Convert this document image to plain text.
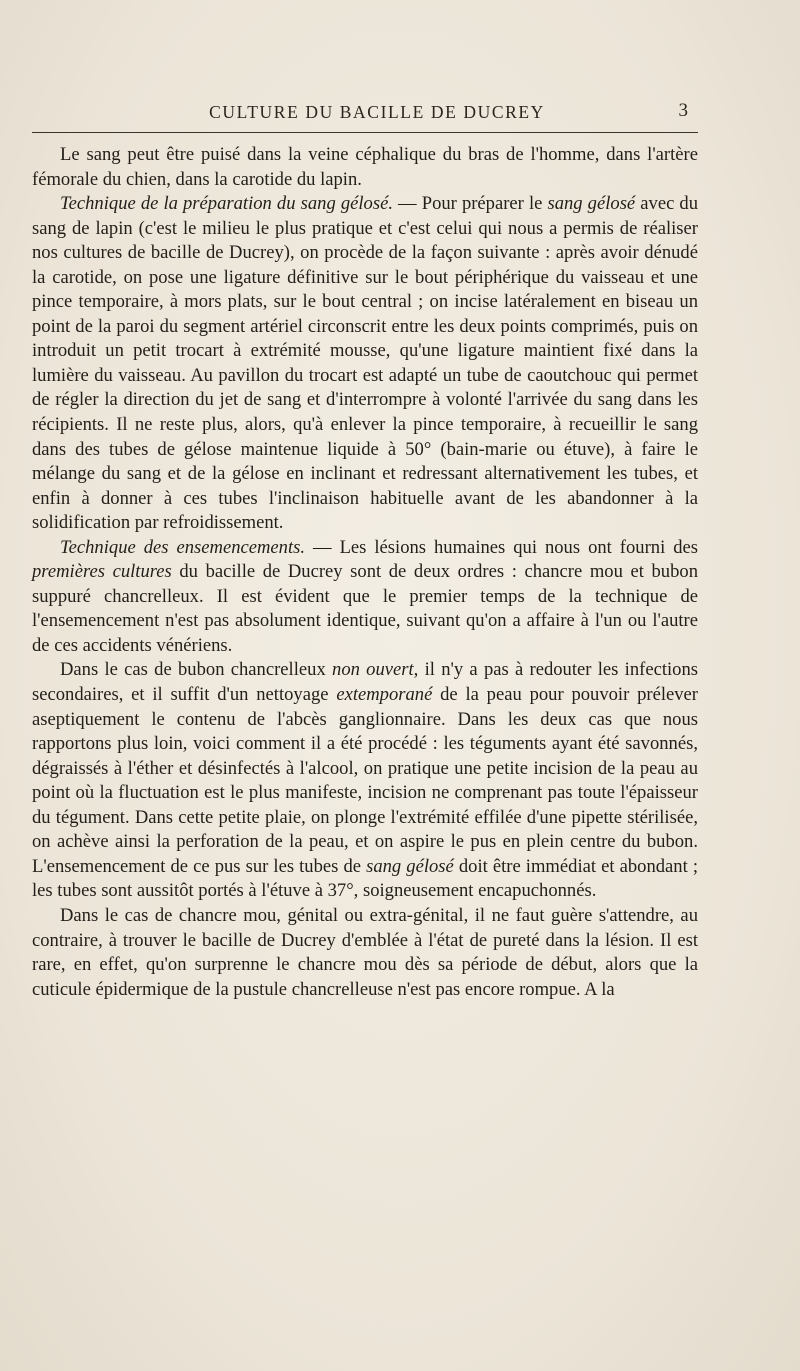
CULTURE DU BACILLE DE DUCREY	3

Le sang peut être puisé dans la veine céphalique du bras de l'homme, dans l'artère fémorale du chien, dans la carotide du lapin.

Technique de la préparation du sang gélosé. — Pour préparer le sang gélosé avec du sang de lapin (c'est le milieu le plus pratique et c'est celui qui nous a permis de réaliser nos cultures de bacille de Ducrey), on procède de la façon suivante : après avoir dénudé la carotide, on pose une ligature définitive sur le bout périphérique du vaisseau et une pince temporaire, à mors plats, sur le bout central ; on incise latéralement en biseau un point de la paroi du segment artériel circonscrit entre les deux points comprimés, puis on introduit un petit trocart à extrémité mousse, qu'une ligature maintient fixé dans la lumière du vaisseau. Au pavillon du trocart est adapté un tube de caoutchouc qui permet de régler la direction du jet de sang et d'interrompre à volonté l'arrivée du sang dans les récipients. Il ne reste plus, alors, qu'à enlever la pince temporaire, à recueillir le sang dans des tubes de gélose maintenue liquide à 50° (bain-marie ou étuve), à faire le mélange du sang et de la gélose en inclinant et redressant alternativement les tubes, et enfin à donner à ces tubes l'inclinaison habituelle avant de les abandonner à la solidification par refroidissement.

Technique des ensemencements. — Les lésions humaines qui nous ont fourni des premières cultures du bacille de Ducrey sont de deux ordres : chancre mou et bubon suppuré chancrelleux. Il est évident que le premier temps de la technique de l'ensemencement n'est pas absolument identique, suivant qu'on a affaire à l'un ou l'autre de ces accidents vénériens.

Dans le cas de bubon chancrelleux non ouvert, il n'y a pas à redouter les infections secondaires, et il suffit d'un nettoyage extemporané de la peau pour pouvoir prélever aseptiquement le contenu de l'abcès ganglionnaire. Dans les deux cas que nous rapportons plus loin, voici comment il a été procédé : les téguments ayant été savonnés, dégraissés à l'éther et désinfectés à l'alcool, on pratique une petite incision de la peau au point où la fluctuation est le plus manifeste, incision ne comprenant pas toute l'épaisseur du tégument. Dans cette petite plaie, on plonge l'extrémité effilée d'une pipette stérilisée, on achève ainsi la perforation de la peau, et on aspire le pus en plein centre du bubon. L'ensemencement de ce pus sur les tubes de sang gélosé doit être immédiat et abondant ; les tubes sont aussitôt portés à l'étuve à 37°, soigneusement encapuchonnés.

Dans le cas de chancre mou, génital ou extra-génital, il ne faut guère s'attendre, au contraire, à trouver le bacille de Ducrey d'emblée à l'état de pureté dans la lésion. Il est rare, en effet, qu'on surprenne le chancre mou dès sa période de début, alors que la cuticule épidermique de la pustule chancrelleuse n'est pas encore rompue. A la
